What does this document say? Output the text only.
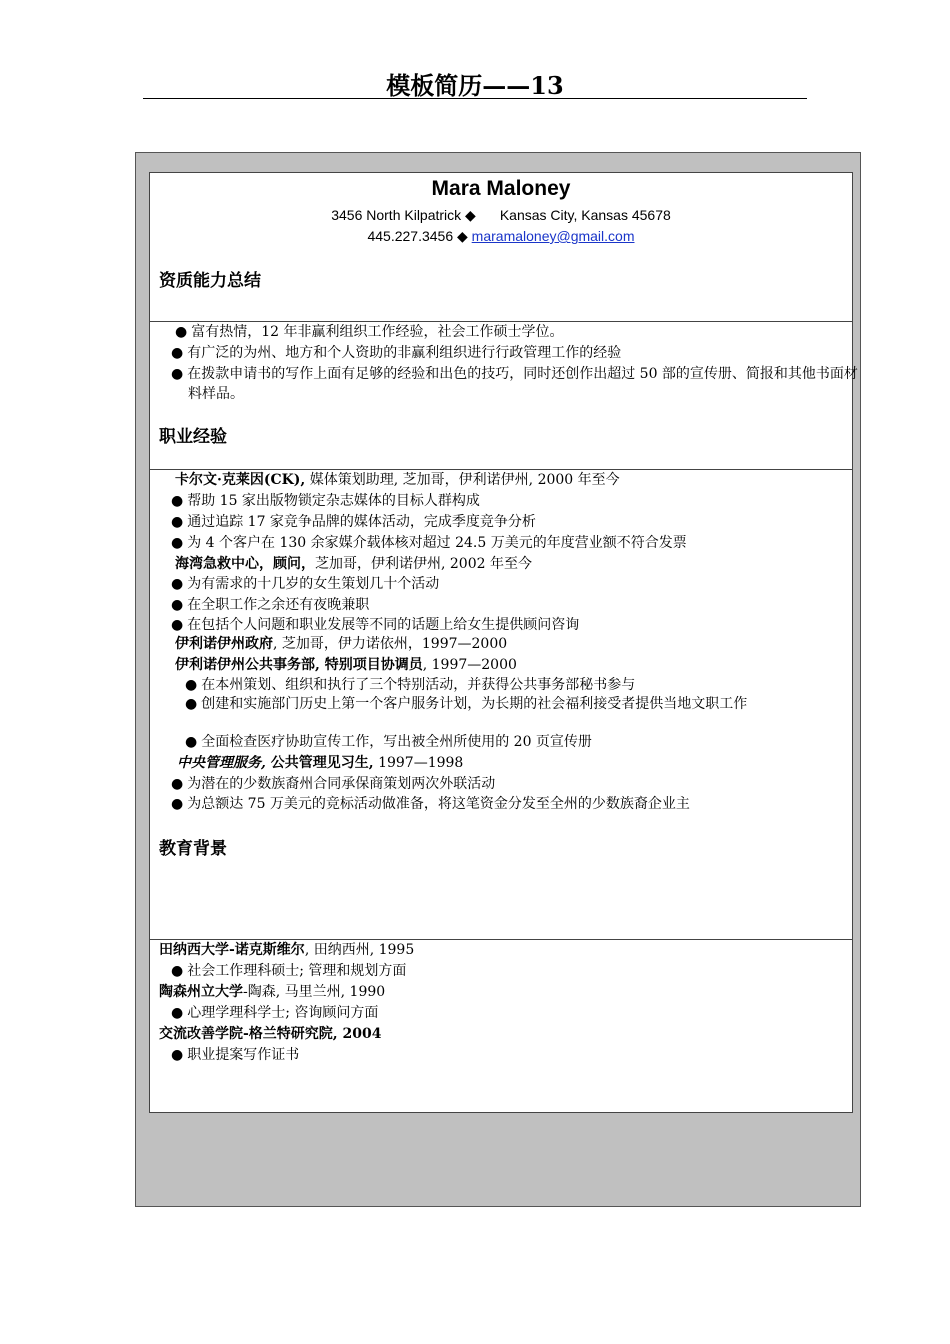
模板简历——13
Mara Maloney
3456 North Kilpatrick ◆ Kansas City, Kansas 45678
445.227.3456 ◆ maramaloney@gmail.com
资质能力总结
● 富有热情，12 年非赢利组织工作经验，社会工作硕士学位。
● 有广泛的为州、地方和个人资助的非赢利组织进行行政管理工作的经验
● 在拨款申请书的写作上面有足够的经验和出色的技巧，同时还创作出超过 50 部的宣传册、简报和其他书面材料样品。
职业经验
卡尔文·克莱因(CK), 媒体策划助理, 芝加哥，伊利诺伊州, 2000 年至今
● 帮助 15 家出版物锁定杂志媒体的目标人群构成
● 通过追踪 17 家竞争品牌的媒体活动，完成季度竞争分析
● 为 4 个客户在 130 余家媒介载体核对超过 24.5 万美元的年度营业额不符合发票
海湾急救中心，顾问，芝加哥，伊利诺伊州, 2002 年至今
● 为有需求的十几岁的女生策划几十个活动
● 在全职工作之余还有夜晚兼职
● 在包括个人问题和职业发展等不同的话题上给女生提供顾问咨询
伊利诺伊州政府, 芝加哥，伊力诺依州，1997—2000
伊利诺伊州公共事务部, 特别项目协调员, 1997—2000
● 在本州策划、组织和执行了三个特别活动，并获得公共事务部秘书参与
● 创建和实施部门历史上第一个客户服务计划，为长期的社会福利接受者提供当地文职工作
● 全面检查医疗协助宣传工作，写出被全州所使用的 20 页宣传册
中央管理服务, 公共管理见习生, 1997—1998
● 为潜在的少数族裔州合同承保商策划两次外联活动
● 为总额达 75 万美元的竞标活动做准备，将这笔资金分发至全州的少数族裔企业主
教育背景
田纳西大学-诺克斯维尔, 田纳西州, 1995
● 社会工作理科硕士; 管理和规划方面
陶森州立大学-陶森, 马里兰州, 1990
● 心理学理科学士; 咨询顾问方面
交流改善学院-格兰特研究院, 2004
● 职业提案写作证书
